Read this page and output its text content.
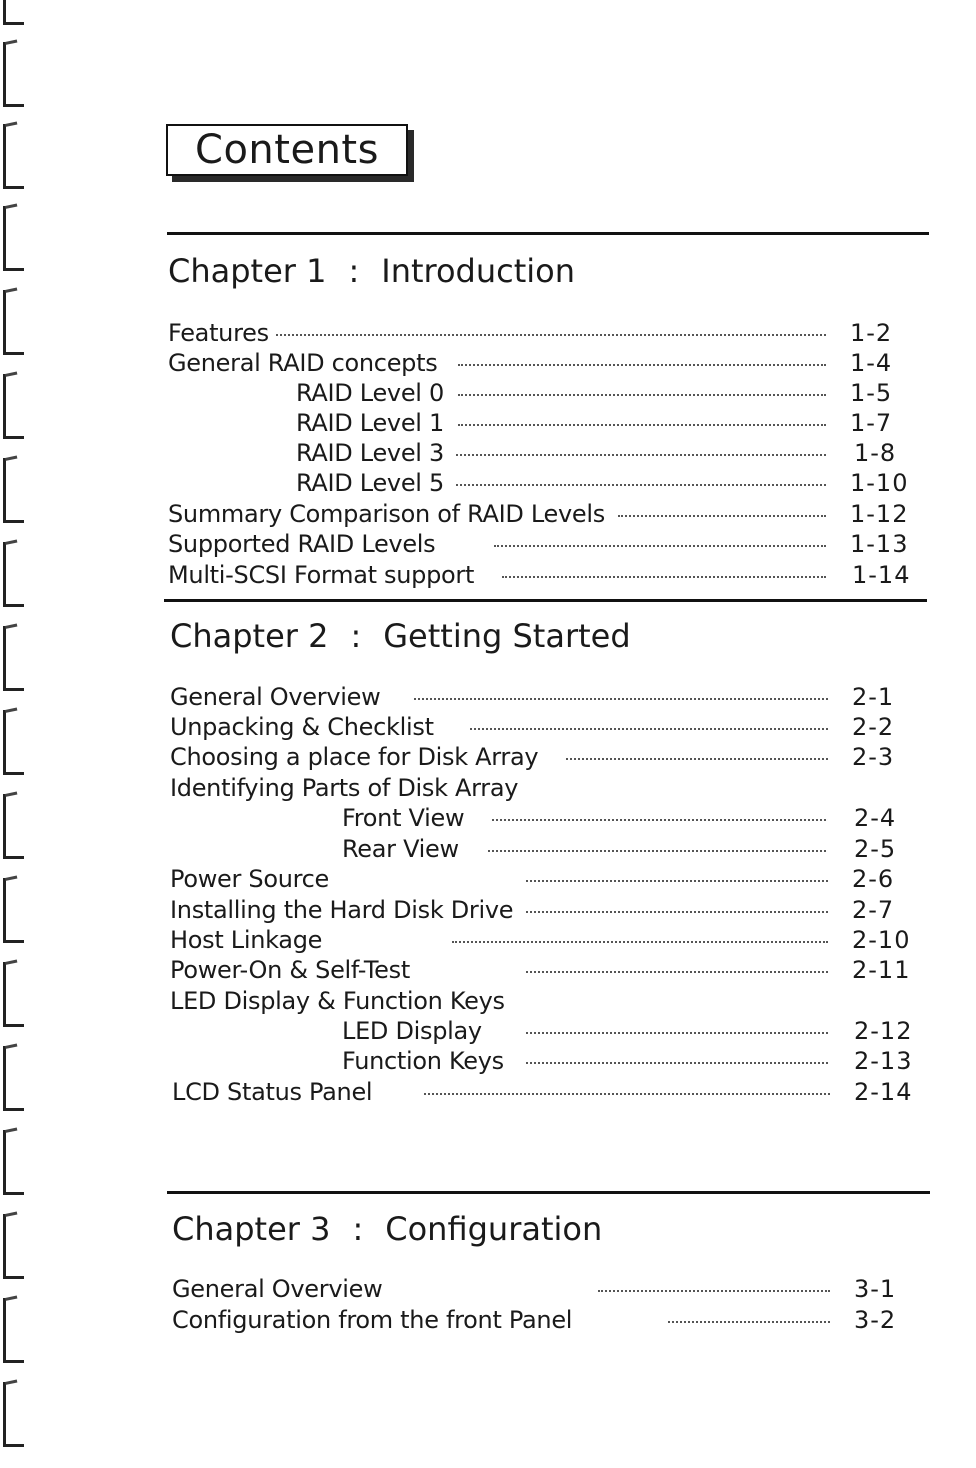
Contents
Chapter 1 : Introduction
Features	1-2
General RAID concepts	1-4
RAID Level 0	1-5
RAID Level 1	1-7
RAID Level 3	1-8
RAID Level 5	1-10
Summary Comparison of RAID Levels	1-12
Supported RAID Levels	1-13
Multi-SCSI Format support	1-14
Chapter 2 : Getting Started
General Overview	2-1
Unpacking & Checklist	2-2
Choosing a place for Disk Array	2-3
Identifying Parts of Disk Array
Front View	2-4
Rear View	2-5
Power Source	2-6
Installing the Hard Disk Drive	2-7
Host Linkage	2-10
Power-On & Self-Test	2-11
LED Display & Function Keys
LED Display	2-12
Function Keys	2-13
LCD Status Panel	2-14
Chapter 3 : Configuration
General Overview	3-1
Configuration from the front Panel	3-2
